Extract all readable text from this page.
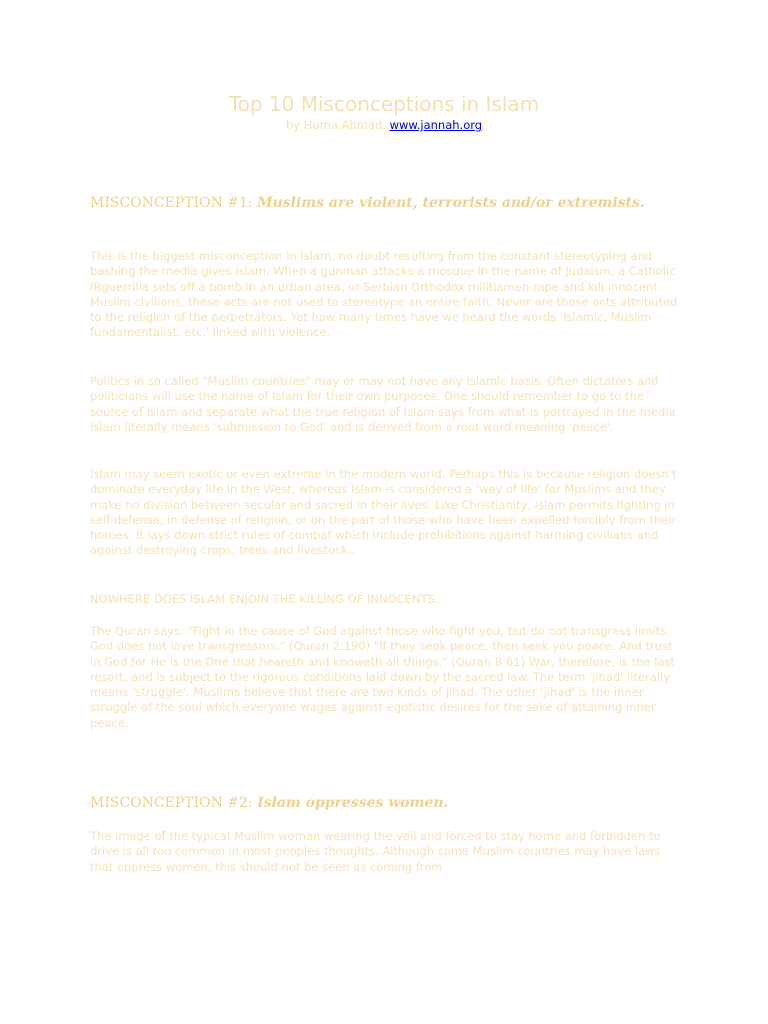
Top 10 Misconceptions in Islam
by Huma Ahmad, www.jannah.org
MISCONCEPTION #1: Muslims are violent, terrorists and/or extremists.
This is the biggest misconception in Islam, no doubt resulting from the constant stereotyping and bashing the media gives Islam. When a gunman attacks a mosque in the name of Judaism, a Catholic IRguerrilla sets off a bomb in an urban area, or Serbian Orthodox militiamen rape and kill innocent Muslim civilians, these acts are not used to stereotype an entire faith. Never are these acts attributed to the religion of the perpetrators. Yet how many times have we heard the words 'Islamic, Muslim fundamentalist, etc.' linked with violence.
Politics in so called "Muslim countries" may or may not have any Islamic basis. Often dictators and politicians will use the name of Islam for their own purposes. One should remember to go to the source of Islam and separate what the true religion of Islam says from what is portrayed in the media. Islam literally means 'submission to God' and is derived from a root word meaning 'peace'.
Islam may seem exotic or even extreme in the modern world. Perhaps this is because religion doesn't dominate everyday life in the West, whereas Islam is considered a 'way of life' for Muslims and they make no division between secular and sacred in their lives. Like Christianity, Islam permits fighting in self-defense, in defense of religion, or on the part of those who have been expelled forcibly from their homes. It lays down strict rules of combat which include prohibitions against harming civilians and against destroying crops, trees and livestock..
NOWHERE DOES ISLAM ENJOIN THE KILLING OF INNOCENTS..
The Quran says: "Fight in the cause of God against those who fight you, but do not transgress limits. God does not love transgressors." (Quran 2:190) "If they seek peace, then seek you peace. And trust in God for He is the One that heareth and knoweth all things." (Quran 8:61) War, therefore, is the last resort, and is subject to the rigorous conditions laid down by the sacred law. The term 'jihad' literally means 'struggle'. Muslims believe that there are two kinds of jihad. The other 'jihad' is the inner struggle of the soul which everyone wages against egotistic desires for the sake of attaining inner peace.
MISCONCEPTION #2: Islam oppresses women.
The image of the typical Muslim woman wearing the veil and forced to stay home and forbidden to drive is all too common in most peoples thoughts. Although some Muslim countries may have laws that oppress women, this should not be seen as coming from
